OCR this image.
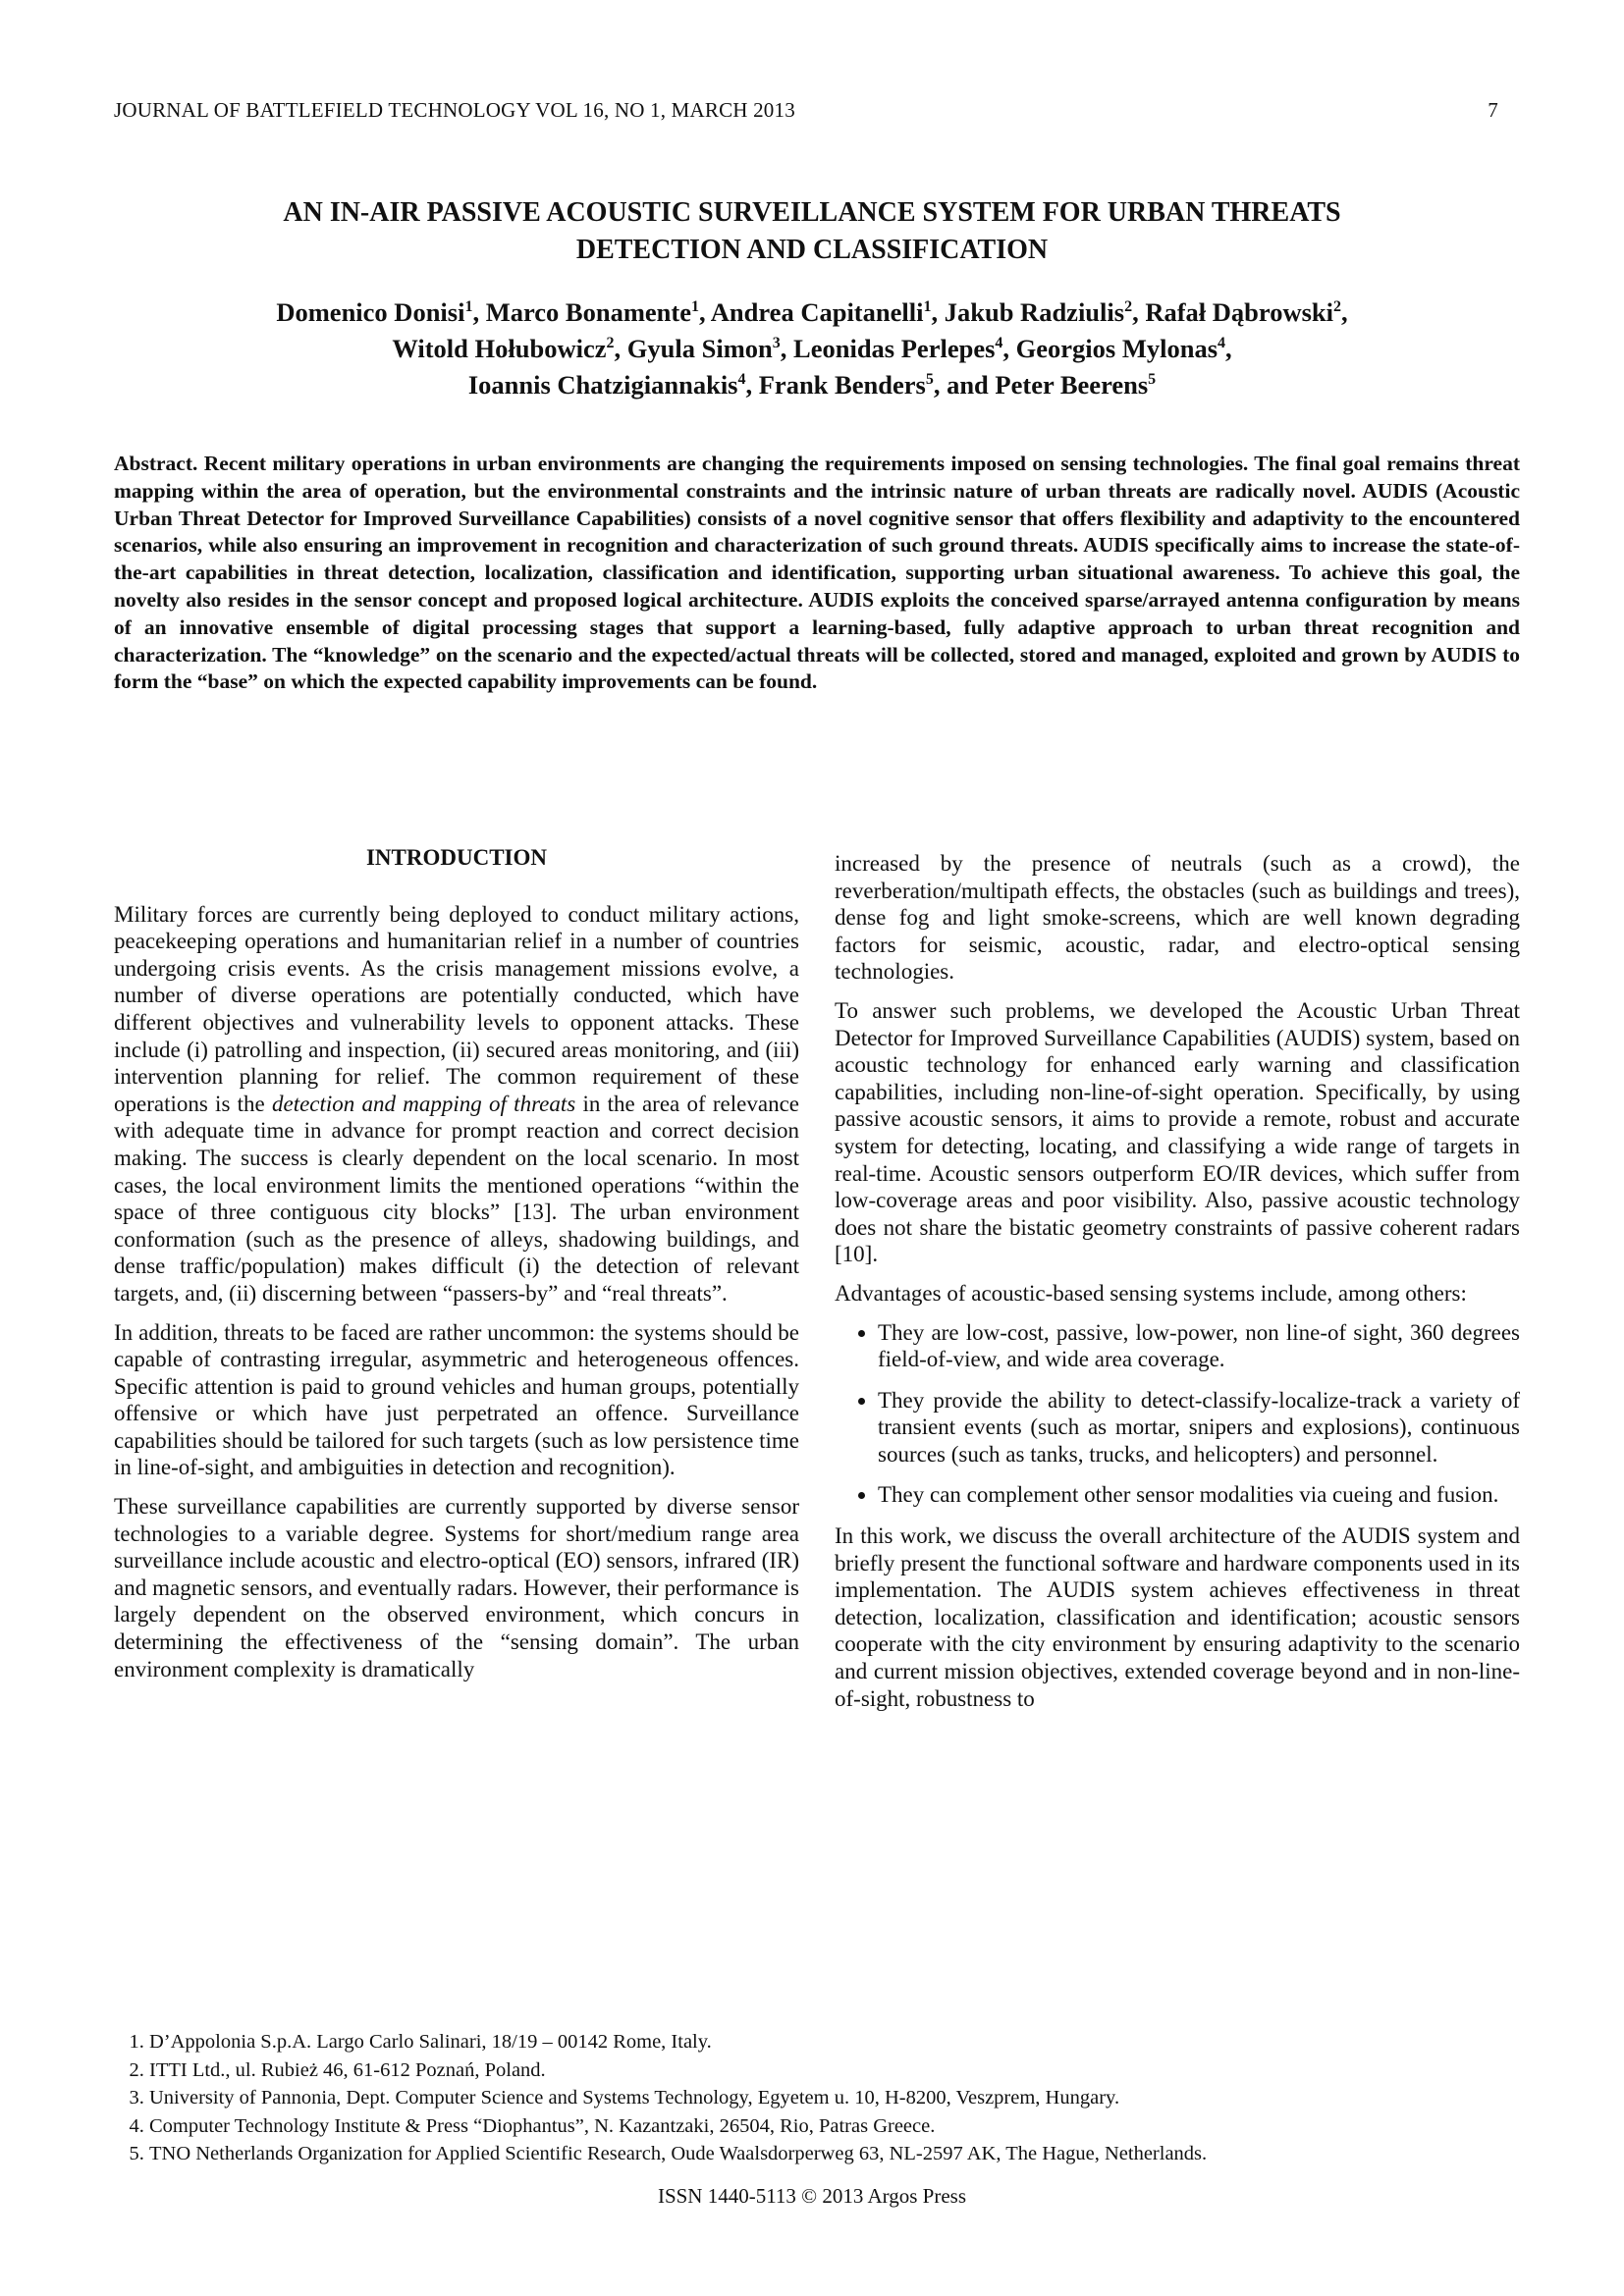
JOURNAL OF BATTLEFIELD TECHNOLOGY VOL 16, NO 1, MARCH 2013	7
AN IN-AIR PASSIVE ACOUSTIC SURVEILLANCE SYSTEM FOR URBAN THREATS
DETECTION AND CLASSIFICATION
Domenico Donisi$^1$, Marco Bonamente$^1$, Andrea Capitanelli$^1$, Jakub Radziulis$^2$, Rafał Dąbrowski$^2$,
Witold Hołubowicz$^2$, Gyula Simon$^3$, Leonidas Perlepes$^4$, Georgios Mylonas$^4$,
Ioannis Chatzigiannakis$^4$, Frank Benders$^5$, and Peter Beerens$^5$
Abstract. Recent military operations in urban environments are changing the requirements imposed on sensing technologies. The final goal remains threat mapping within the area of operation, but the environmental constraints and the intrinsic nature of urban threats are radically novel. AUDIS (Acoustic Urban Threat Detector for Improved Surveillance Capabilities) consists of a novel cognitive sensor that offers flexibility and adaptivity to the encountered scenarios, while also ensuring an improvement in recognition and characterization of such ground threats. AUDIS specifically aims to increase the state-of-the-art capabilities in threat detection, localization, classification and identification, supporting urban situational awareness. To achieve this goal, the novelty also resides in the sensor concept and proposed logical architecture. AUDIS exploits the conceived sparse/arrayed antenna configuration by means of an innovative ensemble of digital processing stages that support a learning-based, fully adaptive approach to urban threat recognition and characterization. The “knowledge” on the scenario and the expected/actual threats will be collected, stored and managed, exploited and grown by AUDIS to form the “base” on which the expected capability improvements can be found.
INTRODUCTION

Military forces are currently being deployed to conduct military actions, peacekeeping operations and humanitarian relief in a number of countries undergoing crisis events. As the crisis management missions evolve, a number of diverse operations are potentially conducted, which have different objectives and vulnerability levels to opponent attacks. These include (i) patrolling and inspection, (ii) secured areas monitoring, and (iii) intervention planning for relief. The common requirement of these operations is the detection and mapping of threats in the area of relevance with adequate time in advance for prompt reaction and correct decision making. The success is clearly dependent on the local scenario. In most cases, the local environment limits the mentioned operations “within the space of three contiguous city blocks” [13]. The urban environment conformation (such as the presence of alleys, shadowing buildings, and dense traffic/population) makes difficult (i) the detection of relevant targets, and, (ii) discerning between “passers-by” and “real threats”.

In addition, threats to be faced are rather uncommon: the systems should be capable of contrasting irregular, asymmetric and heterogeneous offences. Specific attention is paid to ground vehicles and human groups, potentially offensive or which have just perpetrated an offence. Surveillance capabilities should be tailored for such targets (such as low persistence time in line-of-sight, and ambiguities in detection and recognition).

These surveillance capabilities are currently supported by diverse sensor technologies to a variable degree. Systems for short/medium range area surveillance include acoustic and electro-optical (EO) sensors, infrared (IR) and magnetic sensors, and eventually radars. However, their performance is largely dependent on the observed environment, which concurs in determining the effectiveness of the “sensing domain”. The urban environment complexity is dramatically

increased by the presence of neutrals (such as a crowd), the reverberation/multipath effects, the obstacles (such as buildings and trees), dense fog and light smoke-screens, which are well known degrading factors for seismic, acoustic, radar, and electro-optical sensing technologies.

To answer such problems, we developed the Acoustic Urban Threat Detector for Improved Surveillance Capabilities (AUDIS) system, based on acoustic technology for enhanced early warning and classification capabilities, including non-line-of-sight operation. Specifically, by using passive acoustic sensors, it aims to provide a remote, robust and accurate system for detecting, locating, and classifying a wide range of targets in real-time. Acoustic sensors outperform EO/IR devices, which suffer from low-coverage areas and poor visibility. Also, passive acoustic technology does not share the bistatic geometry constraints of passive coherent radars [10].

Advantages of acoustic-based sensing systems include, among others:

• They are low-cost, passive, low-power, non line-of sight, 360 degrees field-of-view, and wide area coverage.
• They provide the ability to detect-classify-localize-track a variety of transient events (such as mortar, snipers and explosions), continuous sources (such as tanks, trucks, and helicopters) and personnel.
• They can complement other sensor modalities via cueing and fusion.

In this work, we discuss the overall architecture of the AUDIS system and briefly present the functional software and hardware components used in its implementation. The AUDIS system achieves effectiveness in threat detection, localization, classification and identification; acoustic sensors cooperate with the city environment by ensuring adaptivity to the scenario and current mission objectives, extended coverage beyond and in non-line-of-sight, robustness to

1. D’Appolonia S.p.A. Largo Carlo Salinari, 18/19 – 00142 Rome, Italy.
2. ITTI Ltd., ul. Rubież 46, 61-612 Poznań, Poland.
3. University of Pannonia, Dept. Computer Science and Systems Technology, Egyetem u. 10, H-8200, Veszprem, Hungary.
4. Computer Technology Institute & Press “Diophantus”, N. Kazantzaki, 26504, Rio, Patras Greece.
5. TNO Netherlands Organization for Applied Scientific Research, Oude Waalsdorperweg 63, NL-2597 AK, The Hague, Netherlands.
ISSN 1440-5113 © 2013 Argos Press
